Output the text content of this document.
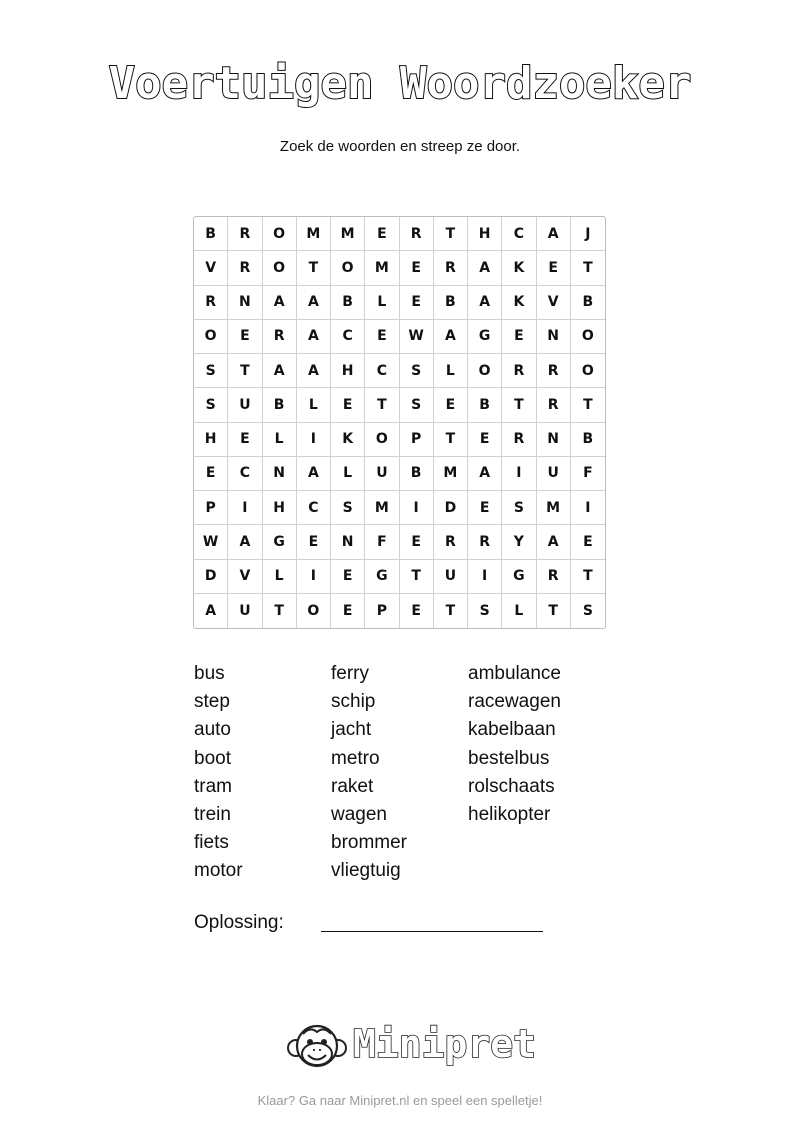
Voertuigen Woordzoeker
Zoek de woorden en streep ze door.
B	R	O	M	M	E	R	T	H	C	A	J
V	R	O	T	O	M	E	R	A	K	E	T
R	N	A	A	B	L	E	B	A	K	V	B
O	E	R	A	C	E	W	A	G	E	N	O
S	T	A	A	H	C	S	L	O	R	R	O
S	U	B	L	E	T	S	E	B	T	R	T
H	E	L	I	K	O	P	T	E	R	N	B
E	C	N	A	L	U	B	M	A	I	U	F
P	I	H	C	S	M	I	D	E	S	M	I
W	A	G	E	N	F	E	R	R	Y	A	E
D	V	L	I	E	G	T	U	I	G	R	T
A	U	T	O	E	P	E	T	S	L	T	S
bus
step
auto
boot
tram
trein
fiets
motor
ferry
schip
jacht
metro
raket
wagen
brommer
vliegtuig
ambulance
racewagen
kabelbaan
bestelbus
rolschaats
helikopter
Oplossing:
Minipret
Klaar? Ga naar Minipret.nl en speel een spelletje!
